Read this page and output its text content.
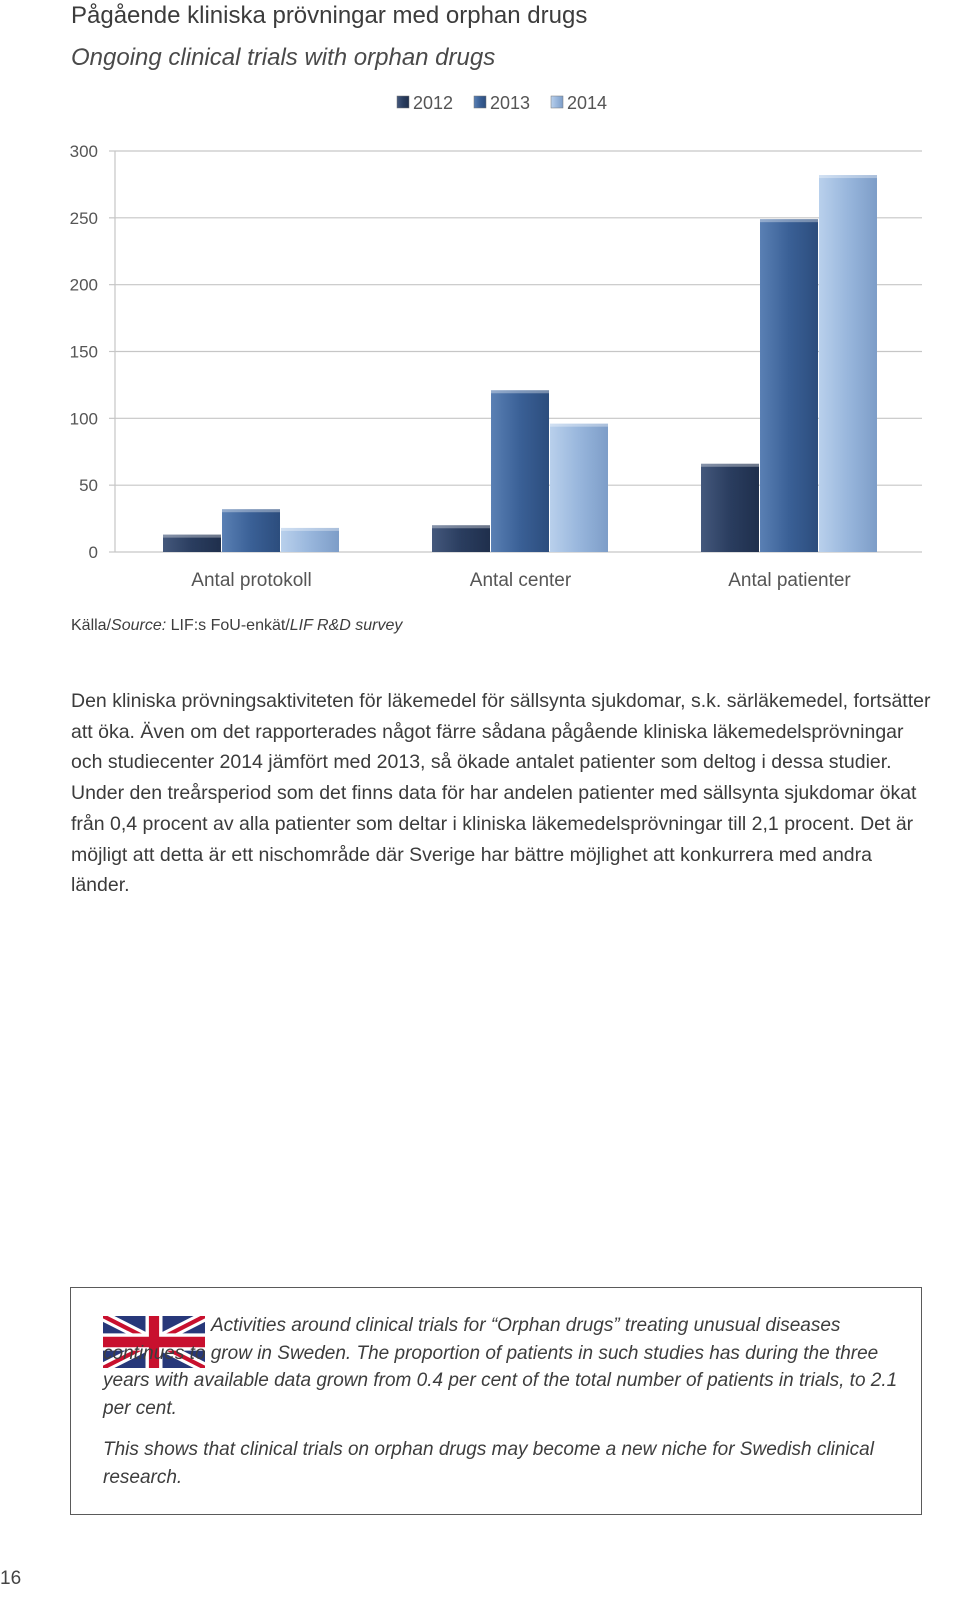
Pågående kliniska prövningar med orphan drugs
Ongoing clinical trials with orphan drugs
0
50
100
150
200
250
300
Antal protokoll	Antal center	Antal patienter
2012 2013 2014
Källa/Source: LIF:s FoU-enkät/LIF R&D survey

Den kliniska prövningsaktiviteten för läkemedel för sällsynta sjukdomar, s.k. särläkemedel, fortsätter att öka. Även om det rapporterades något färre sådana pågående kliniska läkemedelsprövningar och studiecenter 2014 jämfört med 2013, så ökade antalet patienter som deltog i dessa studier. Under den treårsperiod som det finns data för har andelen patienter med sällsynta sjukdomar ökat från 0,4 procent av alla patienter som deltar i kliniska läkemedelsprövningar till 2,1 procent. Det är möjligt att detta är ett nischområde där Sverige har bättre möjlighet att konkurrera med andra länder.

Activities around clinical trials for “Orphan drugs” treating unusual diseases continues to grow in Sweden. The proportion of patients in such studies has during the three years with available data grown from 0.4 per cent of the total number of patients in trials, to 2.1 per cent.

This shows that clinical trials on orphan drugs may become a new niche for Swedish clinical research.

16
